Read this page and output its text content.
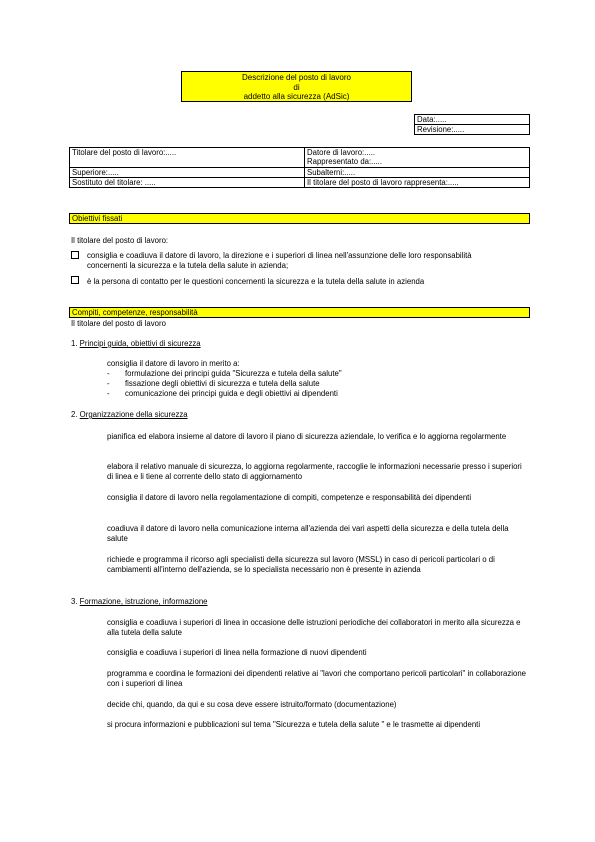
Descrizione del posto di lavoro
di
addetto alla sicurezza (AdSic)
Data:.....
Revisione:.....
Titolare del posto di lavoro:.....	Datore di lavoro:.....
Rappresentato da:.....

Superiore:.....	Subalterni:.....
Sostituto del titolare: .....	Il titolare del posto di lavoro rappresenta:.....
Obiettivi fissati

Il titolare del posto di lavoro:

consiglia e coadiuva il datore di lavoro, la direzione e i superiori di linea nell'assunzione delle loro responsabilità concernenti la sicurezza e la tutela della salute in azienda;
è la persona di contatto per le questioni concernenti la sicurezza e la tutela della salute in azienda
Compiti, competenze, responsabilità

Il titolare del posto di lavoro

1. Principi guida, obiettivi di sicurezza

consiglia il datore di lavoro in merito a:

- formulazione dei principi guida "Sicurezza e tutela della salute"
- fissazione degli obiettivi di sicurezza e tutela della salute
- comunicazione dei principi guida e degli obiettivi ai dipendenti

2. Organizzazione della sicurezza

pianifica ed elabora insieme al datore di lavoro il piano di sicurezza aziendale, lo verifica e lo aggiorna regolarmente

elabora il relativo manuale di sicurezza, lo aggiorna regolarmente, raccoglie le informazioni necessarie presso i superiori di linea e li tiene al corrente dello stato di aggiornamento

consiglia il datore di lavoro nella regolamentazione di compiti, competenze e responsabilità dei dipendenti

coadiuva il datore di lavoro nella comunicazione interna all'azienda dei vari aspetti della sicurezza e della tutela della salute

richiede e programma il ricorso agli specialisti della sicurezza sul lavoro (MSSL) in caso di pericoli particolari o di cambiamenti all'interno dell'azienda, se lo specialista necessario non è presente in azienda

3. Formazione, istruzione, informazione

consiglia e coadiuva i superiori di linea in occasione delle istruzioni periodiche dei collaboratori in merito alla sicurezza e alla tutela della salute

consiglia e coadiuva i superiori di linea nella formazione di nuovi dipendenti

programma e coordina le formazioni dei dipendenti relative ai "lavori che comportano pericoli particolari" in collaborazione con i superiori di linea

decide chi, quando, da qui e su cosa deve essere istruito/formato (documentazione)

si procura informazioni e pubblicazioni sul tema "Sicurezza e tutela della salute " e le trasmette ai dipendenti
